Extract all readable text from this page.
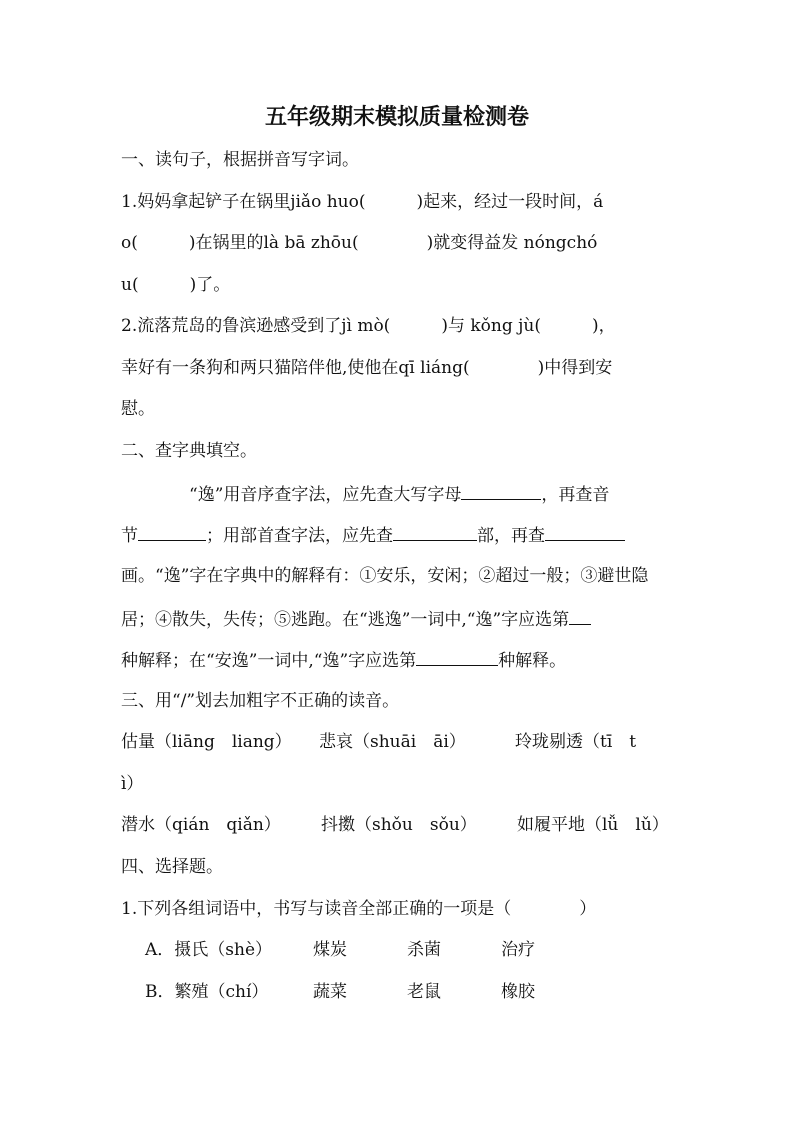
五年级期末模拟质量检测卷
一、读句子，根据拼音写字词。
1.妈妈拿起铲子在锅里jiǎo huo(　　　)起来，经过一段时间，á
o(　　　)在锅里的là bā zhōu(　　　　)就变得益发 nóngchó
u(　　　)了。
2.流落荒岛的鲁滨逊感受到了jì mò(　　　)与 kǒng jù(　　　)，
幸好有一条狗和两只猫陪伴他,使他在qī liáng(　　　　)中得到安
慰。
二、查字典填空。
“逸”用音序查字法，应先查大写字母	，再查音
节	；用部首查字法，应先查	部，再查
画。“逸”字在字典中的解释有：①安乐，安闲；②超过一般；③避世隐
居；④散失，失传；⑤逃跑。在“逃逸”一词中,“逸”字应选第
种解释；在“安逸”一词中,“逸”字应选第	种解释。
三、用“/”划去加粗字不正确的读音。
估量（liāng　liang） 悲哀（shuāi　āi）	玲珑剔透（tī　t
ì）
潜水（qián　qiǎn） 抖擞（shǒu　sǒu） 如履平地（lǚ　lǔ）
四、选择题。
1.下列各组词语中，书写与读音全部正确的一项是（　　　　）
A．摄氏（shè） 煤炭	杀菌	治疗
B．繁殖（chí）	蔬菜	老鼠	橡胶
